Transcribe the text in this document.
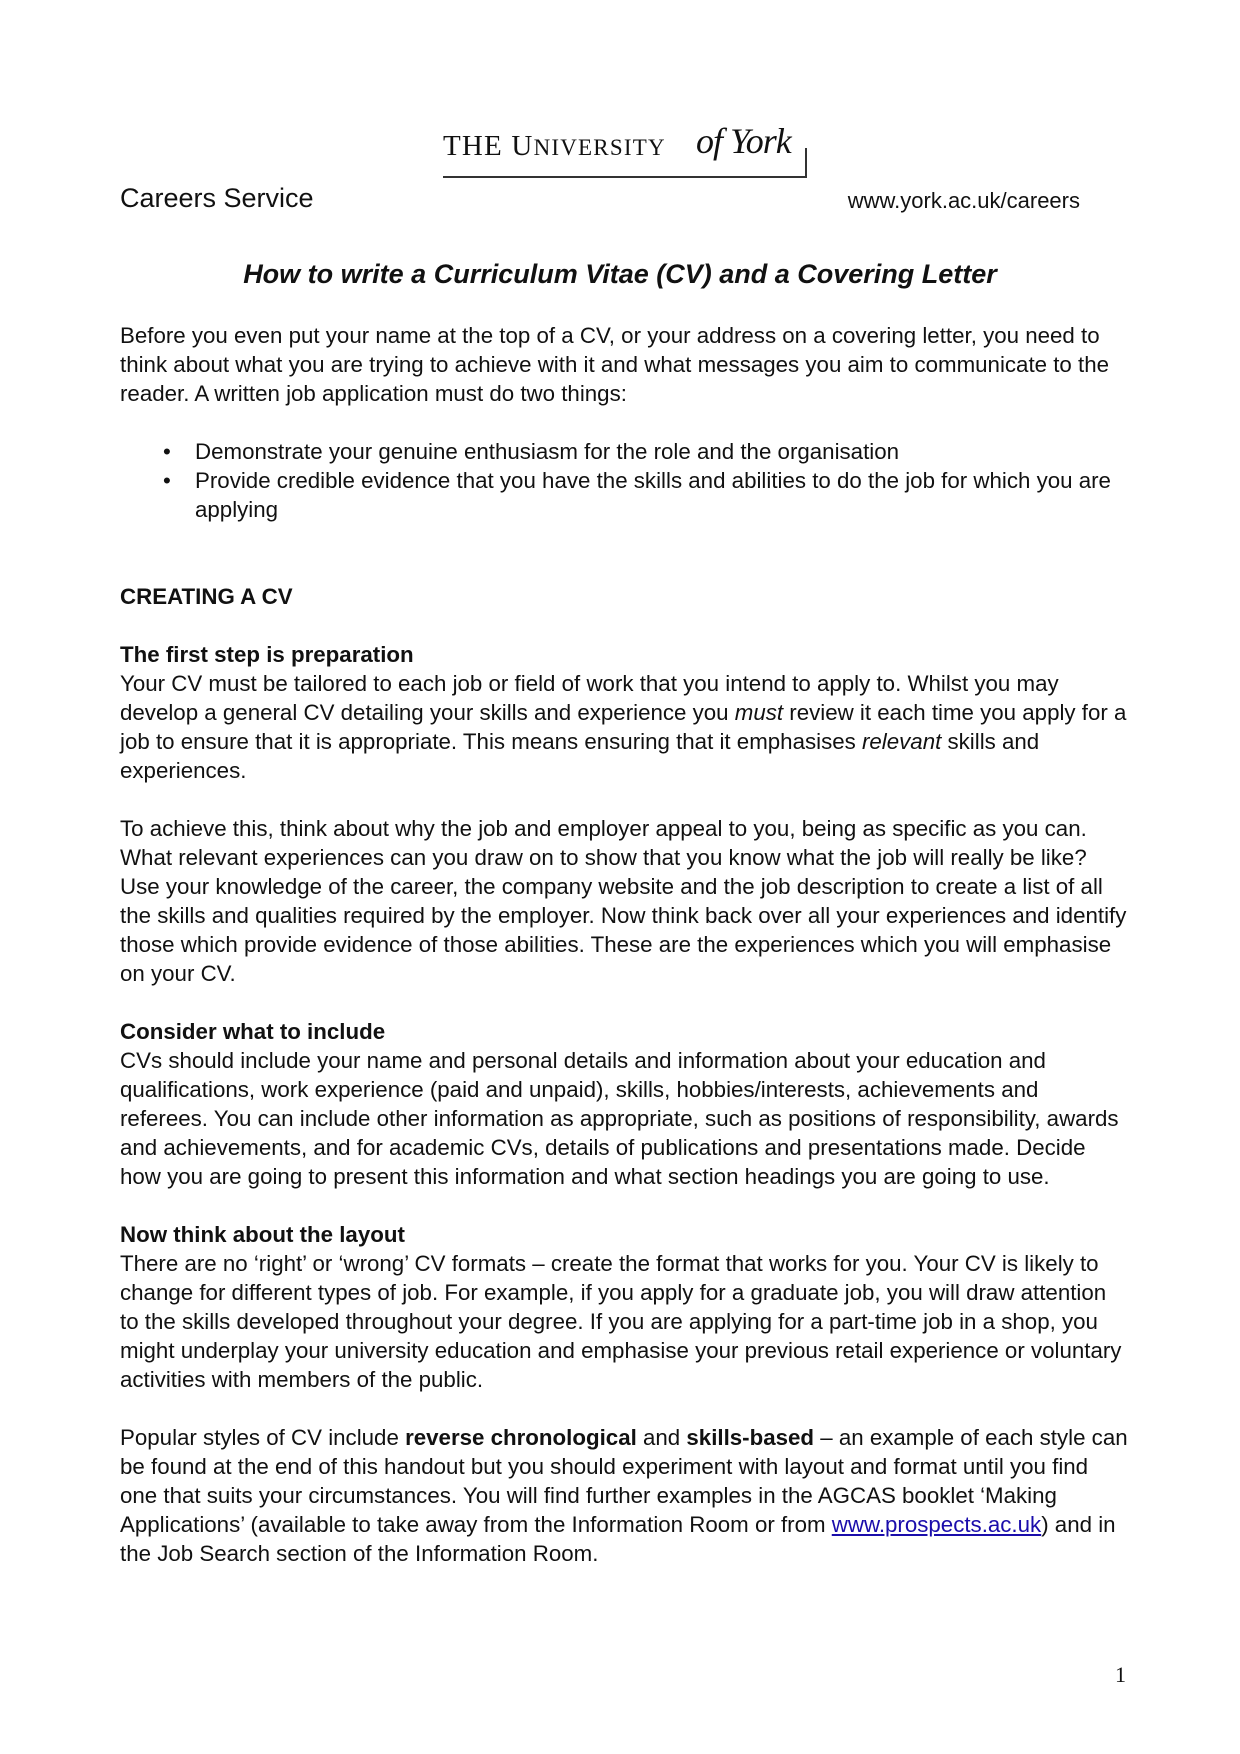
THE UNIVERSITY of York
Careers Service	www.york.ac.uk/careers
How to write a Curriculum Vitae (CV) and a Covering Letter

Before you even put your name at the top of a CV, or your address on a covering letter, you need to think about what you are trying to achieve with it and what messages you aim to communicate to the reader. A written job application must do two things:

• Demonstrate your genuine enthusiasm for the role and the organisation
• Provide credible evidence that you have the skills and abilities to do the job for which you are applying

CREATING A CV

The first step is preparation

Your CV must be tailored to each job or field of work that you intend to apply to. Whilst you may develop a general CV detailing your skills and experience you must review it each time you apply for a job to ensure that it is appropriate. This means ensuring that it emphasises relevant skills and experiences.

To achieve this, think about why the job and employer appeal to you, being as specific as you can. What relevant experiences can you draw on to show that you know what the job will really be like? Use your knowledge of the career, the company website and the job description to create a list of all the skills and qualities required by the employer. Now think back over all your experiences and identify those which provide evidence of those abilities. These are the experiences which you will emphasise on your CV.

Consider what to include

CVs should include your name and personal details and information about your education and qualifications, work experience (paid and unpaid), skills, hobbies/interests, achievements and referees. You can include other information as appropriate, such as positions of responsibility, awards and achievements, and for academic CVs, details of publications and presentations made. Decide how you are going to present this information and what section headings you are going to use.

Now think about the layout

There are no ‘right’ or ‘wrong’ CV formats – create the format that works for you. Your CV is likely to change for different types of job. For example, if you apply for a graduate job, you will draw attention to the skills developed throughout your degree. If you are applying for a part-time job in a shop, you might underplay your university education and emphasise your previous retail experience or voluntary activities with members of the public.

Popular styles of CV include reverse chronological and skills-based – an example of each style can be found at the end of this handout but you should experiment with layout and format until you find one that suits your circumstances. You will find further examples in the AGCAS booklet ‘Making Applications’ (available to take away from the Information Room or from www.prospects.ac.uk) and in the Job Search section of the Information Room.

1
